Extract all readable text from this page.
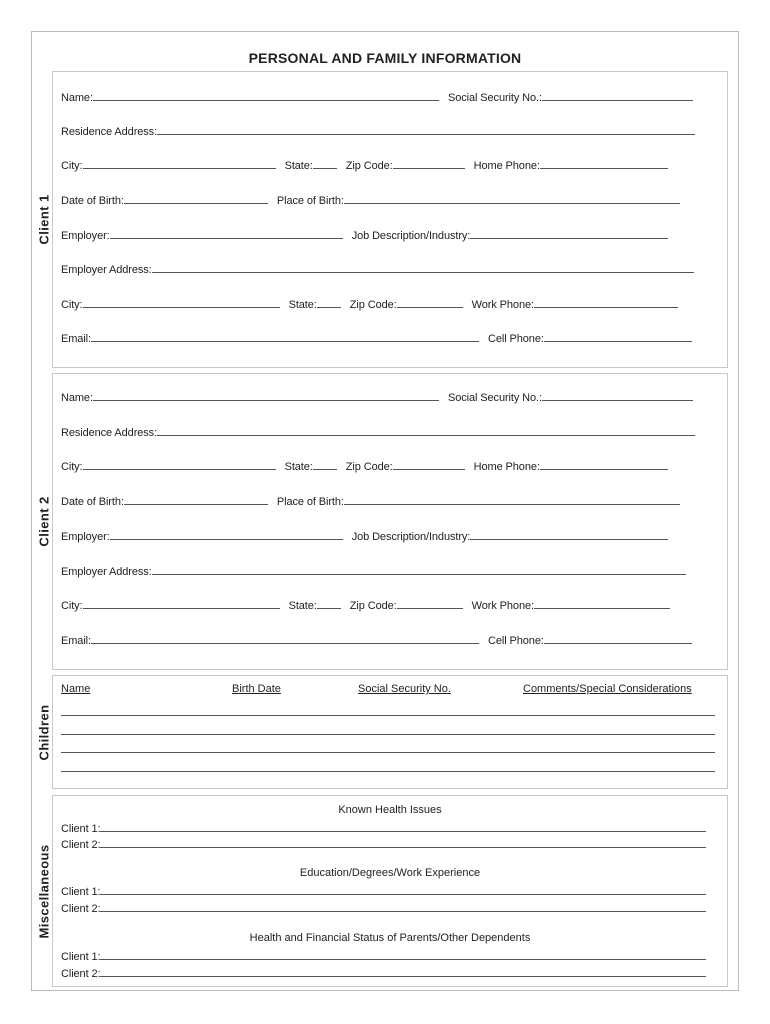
PERSONAL AND FAMILY INFORMATION
Client 1
Name:	Social Security No.:
Residence Address:
City:	State:	Zip Code:	Home Phone:
Date of Birth:	Place of Birth:
Employer:	Job Description/Industry:
Employer Address:
City:	State:	Zip Code:	Work Phone:
Email:	Cell Phone:
Client 2
Name:	Social Security No.:
Residence Address:
City:	State:	Zip Code:	Home Phone:
Date of Birth:	Place of Birth:
Employer:	Job Description/Industry:
Employer Address:
City:	State:	Zip Code:	Work Phone:
Email:	Cell Phone:
Children
Name	Birth Date	Social Security No.	Comments/Special Considerations
Miscellaneous
Known Health Issues
Client 1:
Client 2:
Education/Degrees/Work Experience
Client 1:
Client 2:
Health and Financial Status of Parents/Other Dependents
Client 1:
Client 2:
